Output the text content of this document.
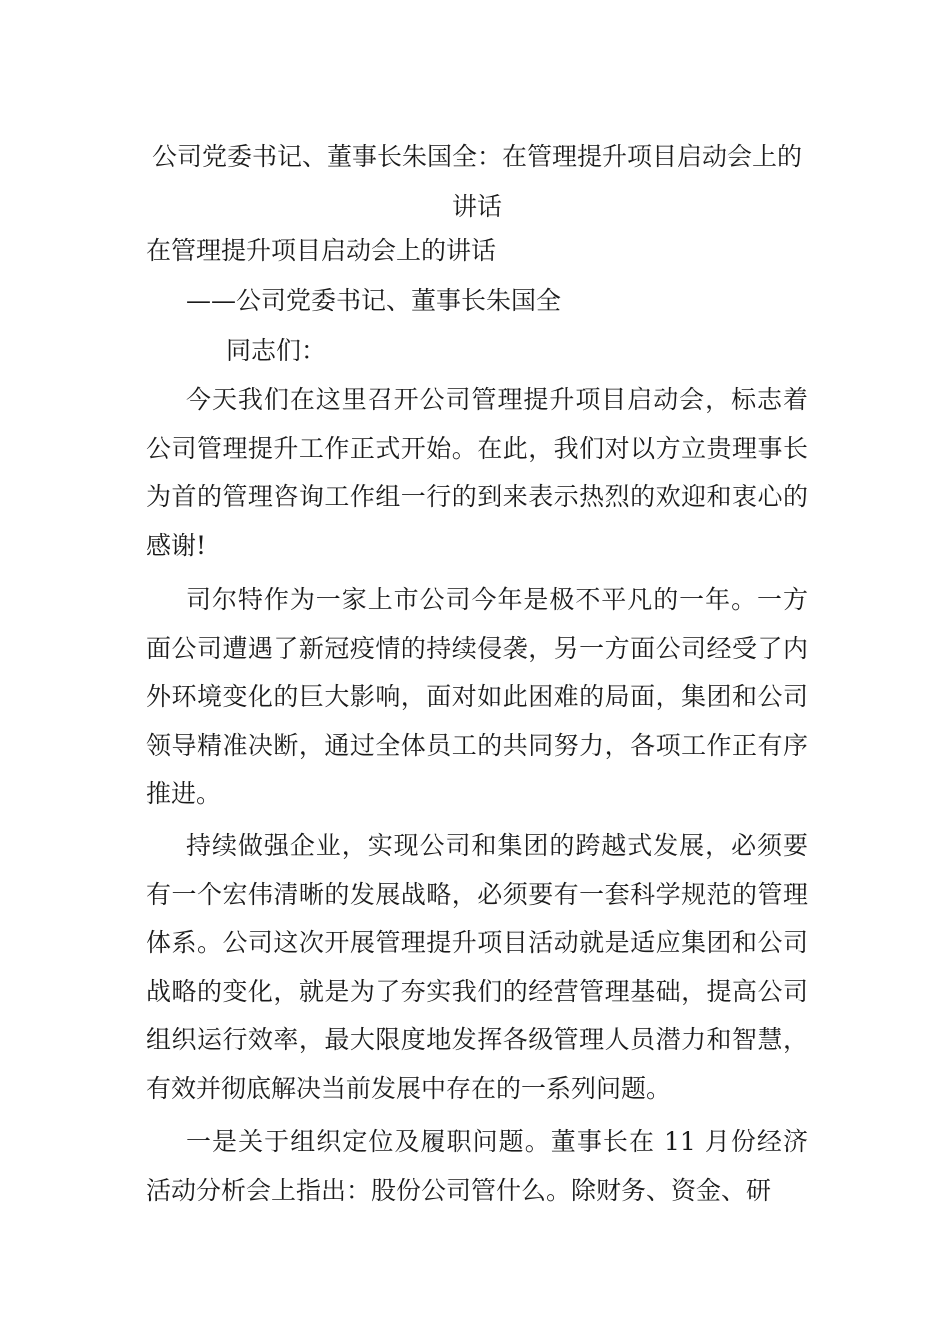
公司党委书记、董事长朱国全：在管理提升项目启动会上的讲话

在管理提升项目启动会上的讲话

——公司党委书记、董事长朱国全

同志们：

今天我们在这里召开公司管理提升项目启动会，标志着公司管理提升工作正式开始。在此，我们对以方立贵理事长为首的管理咨询工作组一行的到来表示热烈的欢迎和衷心的感谢!

司尔特作为一家上市公司今年是极不平凡的一年。一方面公司遭遇了新冠疫情的持续侵袭，另一方面公司经受了内外环境变化的巨大影响，面对如此困难的局面，集团和公司领导精准决断，通过全体员工的共同努力，各项工作正有序推进。

持续做强企业，实现公司和集团的跨越式发展，必须要有一个宏伟清晰的发展战略，必须要有一套科学规范的管理体系。公司这次开展管理提升项目活动就是适应集团和公司战略的变化，就是为了夯实我们的经营管理基础，提高公司组织运行效率，最大限度地发挥各级管理人员潜力和智慧，有效并彻底解决当前发展中存在的一系列问题。

一是关于组织定位及履职问题。董事长在 11 月份经济活动分析会上指出：股份公司管什么。除财务、资金、研
